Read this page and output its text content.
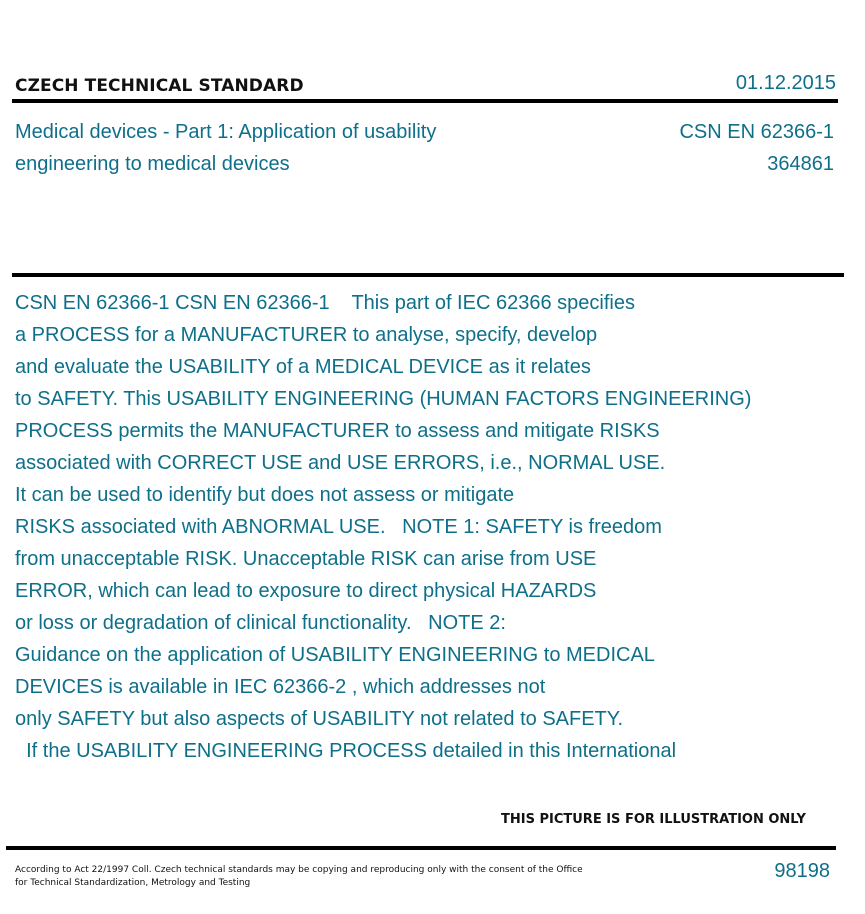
CZECH TECHNICAL STANDARD	01.12.2015
Medical devices - Part 1: Application of usability
engineering to medical devices
CSN EN 62366-1
364861
CSN EN 62366-1 CSN EN 62366-1    This part of IEC 62366 specifies
a PROCESS for a MANUFACTURER to analyse, specify, develop
and evaluate the USABILITY of a MEDICAL DEVICE as it relates
to SAFETY. This USABILITY ENGINEERING (HUMAN FACTORS ENGINEERING)
PROCESS permits the MANUFACTURER to assess and mitigate RISKS
associated with CORRECT USE and USE ERRORS, i.e., NORMAL USE.
It can be used to identify but does not assess or mitigate
RISKS associated with ABNORMAL USE.   NOTE 1: SAFETY is freedom
from unacceptable RISK. Unacceptable RISK can arise from USE
ERROR, which can lead to exposure to direct physical HAZARDS
or loss or degradation of clinical functionality.   NOTE 2:
Guidance on the application of USABILITY ENGINEERING to MEDICAL
DEVICES is available in IEC 62366-2 , which addresses not
only SAFETY but also aspects of USABILITY not related to SAFETY.
If the USABILITY ENGINEERING PROCESS detailed in this International
THIS PICTURE IS FOR ILLUSTRATION ONLY
According to Act 22/1997 Coll. Czech technical standards may be copying and reproducing only with the consent of the Office
for Technical Standardization, Metrology and Testing
98198
